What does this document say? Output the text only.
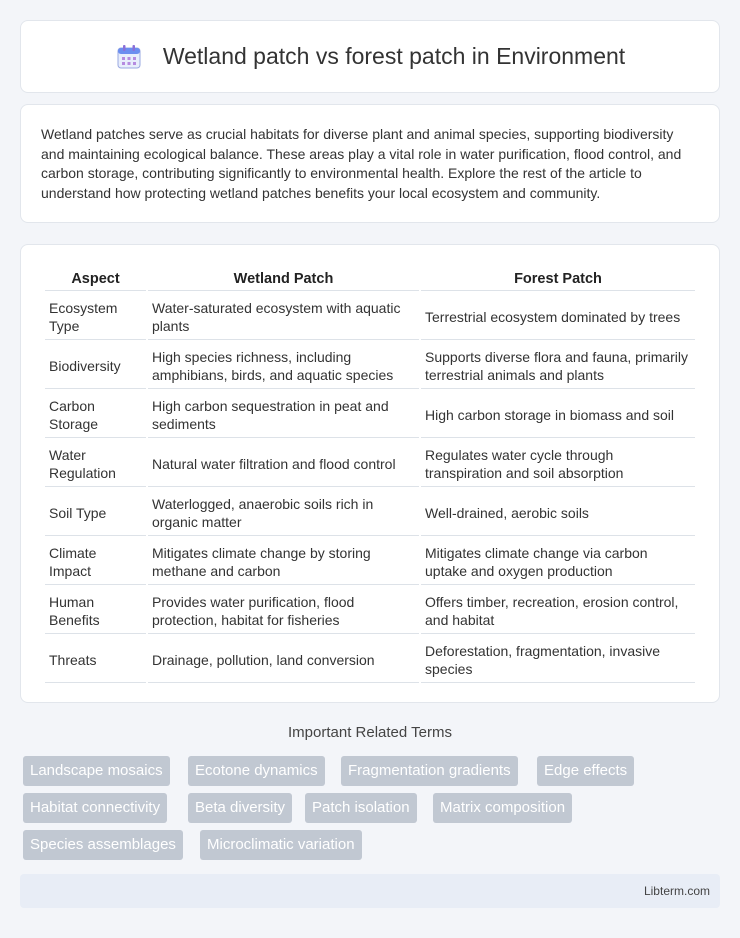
Wetland patch vs forest patch in Environment

Wetland patches serve as crucial habitats for diverse plant and animal species, supporting biodiversity and maintaining ecological balance. These areas play a vital role in water purification, flood control, and carbon storage, contributing significantly to environmental health. Explore the rest of the article to understand how protecting wetland patches benefits your local ecosystem and community.

Aspect	Wetland Patch	Forest Patch
Ecosystem Type	Water-saturated ecosystem with aquatic plants	Terrestrial ecosystem dominated by trees
Biodiversity	High species richness, including amphibians, birds, and aquatic species	Supports diverse flora and fauna, primarily terrestrial animals and plants
Carbon Storage	High carbon sequestration in peat and sediments	High carbon storage in biomass and soil
Water Regulation	Natural water filtration and flood control	Regulates water cycle through transpiration and soil absorption
Soil Type	Waterlogged, anaerobic soils rich in organic matter	Well-drained, aerobic soils
Climate Impact	Mitigates climate change by storing methane and carbon	Mitigates climate change via carbon uptake and oxygen production
Human Benefits	Provides water purification, flood protection, habitat for fisheries	Offers timber, recreation, erosion control, and habitat
Threats	Drainage, pollution, land conversion	Deforestation, fragmentation, invasive species
Important Related Terms
Landscape mosaics	Ecotone dynamics	Fragmentation gradients	Edge effects
Habitat connectivity	Beta diversity	Patch isolation	Matrix composition
Species assemblages	Microclimatic variation
Libterm.com
